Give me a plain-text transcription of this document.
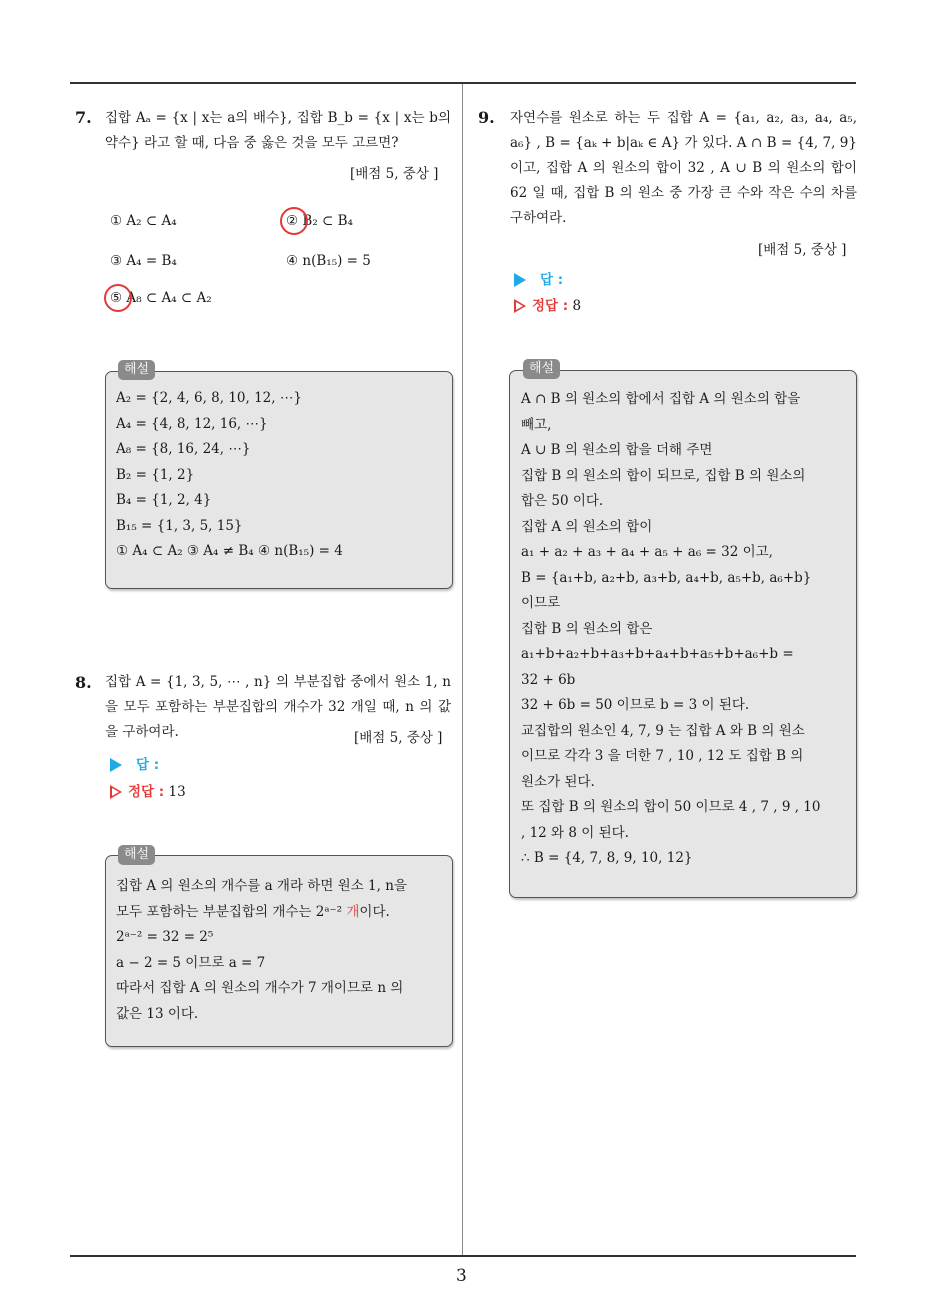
3
7. 집합 Aₐ = {x | x는 a의 배수}, 집합 B_b = {x | x는 b의 약수} 라고 할 때, 다음 중 옳은 것을 모두 고르면?
[배점 5, 중상 ]
① A₂ ⊂ A₄	② B₂ ⊂ B₄
③ A₄ = B₄	④ n(B₁₅) = 5
⑤ A₈ ⊂ A₄ ⊂ A₂
A₂ = {2, 4, 6, 8, 10, 12, ⋯}
A₄ = {4, 8, 12, 16, ⋯}
A₈ = {8, 16, 24, ⋯}
B₂ = {1, 2}
B₄ = {1, 2, 4}
B₁₅ = {1, 3, 5, 15}
① A₄ ⊂ A₂ ③ A₄ ≠ B₄ ④ n(B₁₅) = 4
해설
8. 집합 A = {1, 3, 5, ⋯ , n} 의 부분집합 중에서 원소 1, n 을 모두 포함하는 부분집합의 개수가 32 개일 때, n 의 값을 구하여라.	[배점 5, 중상 ]
답 :
정답 : 13
집합 A 의 원소의 개수를 a 개라 하면 원소 1, n을
모두 포함하는 부분집합의 개수는 2ᵃ⁻² 개이다.
2ᵃ⁻² = 32 = 2⁵
a − 2 = 5 이므로 a = 7
따라서 집합 A 의 원소의 개수가 7 개이므로 n 의
값은 13 이다.
해설
9. 자연수를 원소로 하는 두 집합 A = {a₁, a₂, a₃, a₄, a₅, a₆} , B = {aₖ + b|aₖ ∈ A} 가 있다. A ∩ B = {4, 7, 9} 이고, 집합 A 의 원소의 합이 32 , A ∪ B 의 원소의 합이 62 일 때, 집합 B 의 원소 중 가장 큰 수와 작은 수의 차를 구하여라.
[배점 5, 중상 ]
답 :
정답 : 8
A ∩ B 의 원소의 합에서 집합 A 의 원소의 합을
빼고,
A ∪ B 의 원소의 합을 더해 주면
집합 B 의 원소의 합이 되므로, 집합 B 의 원소의
합은 50 이다.
집합 A 의 원소의 합이
a₁ + a₂ + a₃ + a₄ + a₅ + a₆ = 32 이고,
B = {a₁+b, a₂+b, a₃+b, a₄+b, a₅+b, a₆+b}
이므로
집합 B 의 원소의 합은
a₁+b+a₂+b+a₃+b+a₄+b+a₅+b+a₆+b =
32 + 6b
32 + 6b = 50 이므로 b = 3 이 된다.
교집합의 원소인 4, 7, 9 는 집합 A 와 B 의 원소
이므로 각각 3 을 더한 7 , 10 , 12 도 집합 B 의
원소가 된다.
또 집합 B 의 원소의 합이 50 이므로 4 , 7 , 9 , 10
, 12 와 8 이 된다.
∴ B = {4, 7, 8, 9, 10, 12}
해설
